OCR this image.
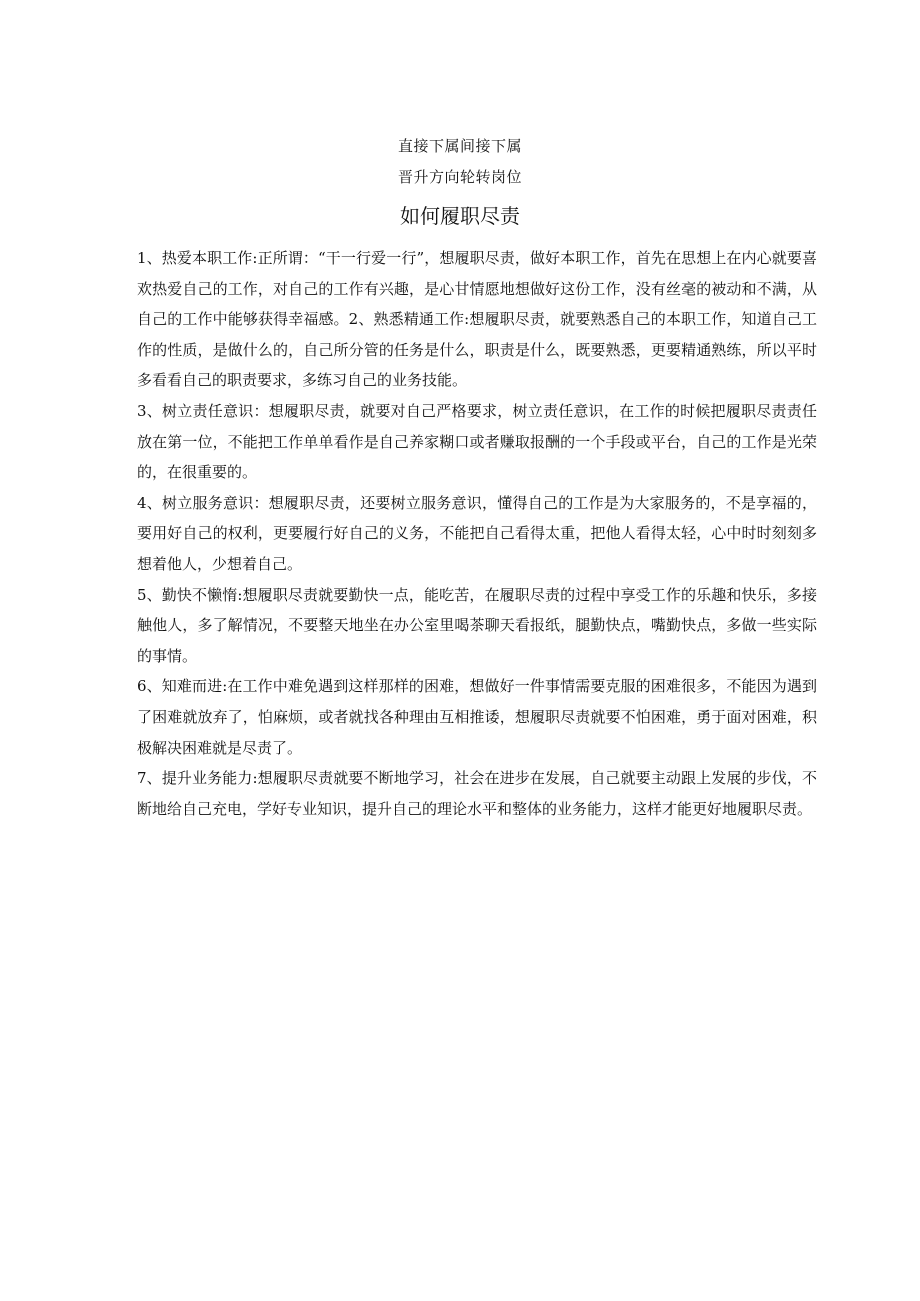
直接下属间接下属
晋升方向轮转岗位
如何履职尽责

1、热爱本职工作:正所谓：“干一行爱一行”，想履职尽责，做好本职工作，首先在思想上在内心就要喜欢热爱自己的工作，对自己的工作有兴趣，是心甘情愿地想做好这份工作，没有丝毫的被动和不满，从自己的工作中能够获得幸福感。2、熟悉精通工作:想履职尽责，就要熟悉自己的本职工作，知道自己工作的性质，是做什么的，自己所分管的任务是什么，职责是什么，既要熟悉，更要精通熟练，所以平时多看看自己的职责要求，多练习自己的业务技能。

3、树立责任意识：想履职尽责，就要对自己严格要求，树立责任意识，在工作的时候把履职尽责责任放在第一位，不能把工作单单看作是自己养家糊口或者赚取报酬的一个手段或平台，自己的工作是光荣的，在很重要的。

4、树立服务意识：想履职尽责，还要树立服务意识，懂得自己的工作是为大家服务的，不是享福的，要用好自己的权利，更要履行好自己的义务，不能把自己看得太重，把他人看得太轻，心中时时刻刻多想着他人，少想着自己。

5、勤快不懒惰:想履职尽责就要勤快一点，能吃苦，在履职尽责的过程中享受工作的乐趣和快乐，多接触他人，多了解情况，不要整天地坐在办公室里喝茶聊天看报纸，腿勤快点，嘴勤快点，多做一些实际的事情。

6、知难而进:在工作中难免遇到这样那样的困难，想做好一件事情需要克服的困难很多，不能因为遇到了困难就放弃了，怕麻烦，或者就找各种理由互相推诿，想履职尽责就要不怕困难，勇于面对困难，积极解决困难就是尽责了。

7、提升业务能力:想履职尽责就要不断地学习，社会在进步在发展，自己就要主动跟上发展的步伐，不断地给自己充电，学好专业知识，提升自己的理论水平和整体的业务能力，这样才能更好地履职尽责。
